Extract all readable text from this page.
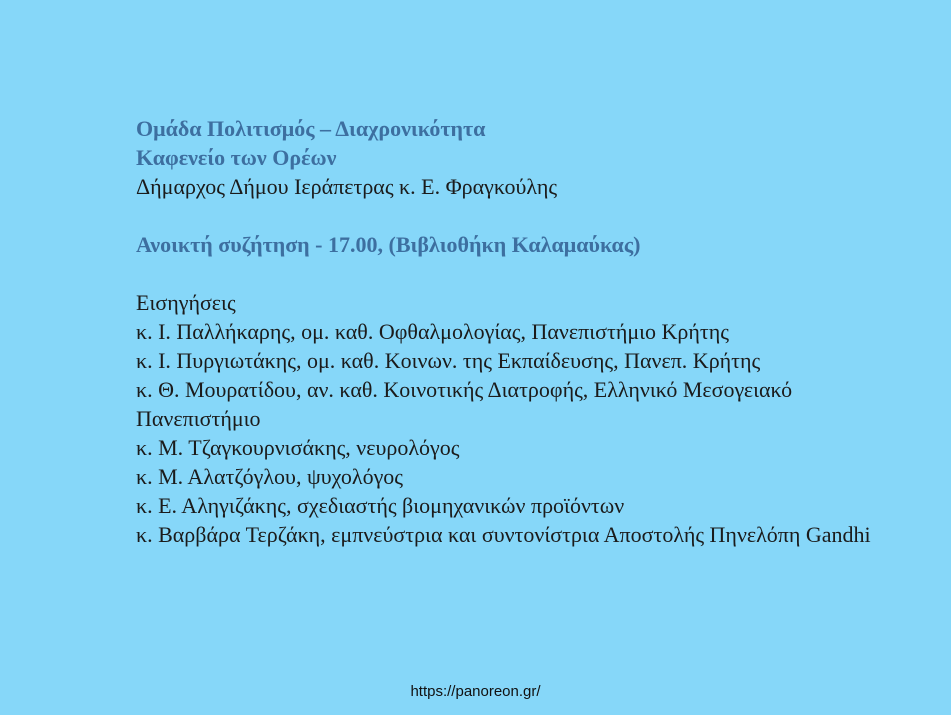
Ομάδα Πολιτισμός – Διαχρονικότητα
Καφενείο των Ορέων
Δήμαρχος Δήμου Ιεράπετρας κ. Ε. Φραγκούλης
Ανοικτή συζήτηση - 17.00, (Βιβλιοθήκη Καλαμαύκας)
Εισηγήσεις
κ. Ι. Παλλήκαρης, ομ. καθ. Οφθαλμολογίας, Πανεπιστήμιο Κρήτης
κ. Ι. Πυργιωτάκης, ομ. καθ. Κοινων. της Εκπαίδευσης, Πανεπ. Κρήτης
κ. Θ. Μουρατίδου, αν. καθ. Κοινοτικής Διατροφής, Ελληνικό Μεσογειακό Πανεπιστήμιο
κ. Μ. Τζαγκουρνισάκης, νευρολόγος
κ. Μ. Αλατζόγλου, ψυχολόγος
κ. Ε. Αληγιζάκης, σχεδιαστής βιομηχανικών προϊόντων
κ. Βαρβάρα Τερζάκη, εμπνεύστρια και συντονίστρια Αποστολής Πηνελόπη Gandhi
https://panoreon.gr/
